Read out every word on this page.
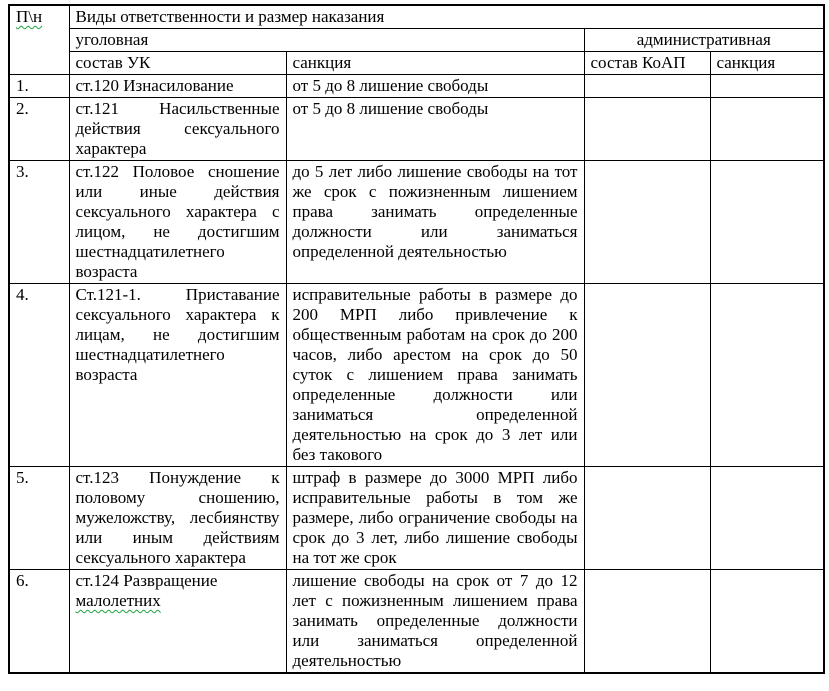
П\н	Виды ответственности и размер наказания			
	уголовная		административная	
	состав УК	санкция	состав КоАП	санкция
1.	ст.120 Изнасилование	от 5 до 8 лишение свободы		
2.	ст.121 Насильственные действия сексуального характера	от 5 до 8 лишение свободы		
3.	ст.122 Половое сношение или иные действия сексуального характера с лицом, не достигшим шестнадцатилетнего возраста	до 5 лет либо лишение свободы на тот же срок с пожизненным лишением права занимать определенные должности или заниматься определенной деятельностью		
4.	Ст.121-1. Приставание сексуального характера к лицам, не достигшим шестнадцатилетнего возраста	исправительные работы в размере до 200 МРП либо привлечение к общественным работам на срок до 200 часов, либо арестом на срок до 50 суток с лишением права занимать определенные должности или заниматься определенной деятельностью на срок до 3 лет или без такового		
5.	ст.123 Понуждение к половому сношению, мужеложству, лесбиянству или иным действиям сексуального характера	штраф в размере до 3000 МРП либо исправительные работы в том же размере, либо ограничение свободы на срок до 3 лет, либо лишение свободы на тот же срок		
6.	ст.124 Развращение малолетних	лишение свободы на срок от 7 до 12 лет с пожизненным лишением права занимать определенные должности или заниматься определенной деятельностью		
